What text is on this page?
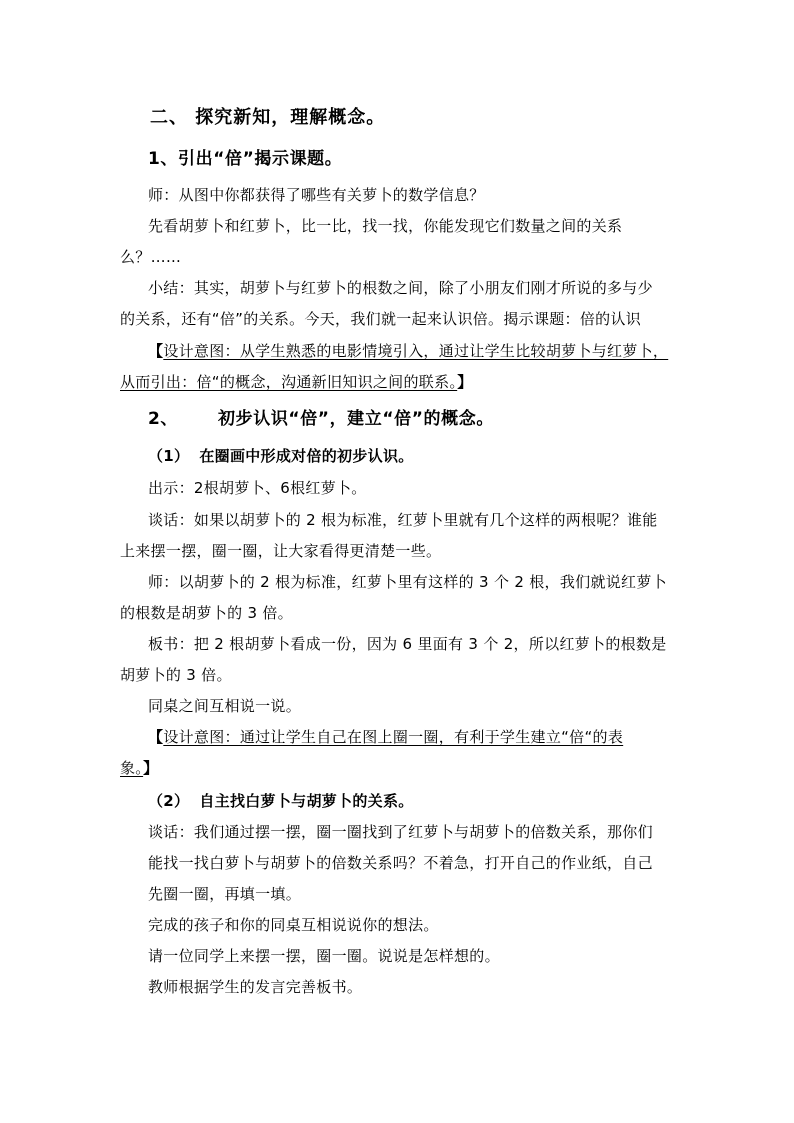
二、 探究新知，理解概念。
1、引出“倍”揭示课题。
师：从图中你都获得了哪些有关萝卜的数学信息？
先看胡萝卜和红萝卜，比一比，找一找，你能发现它们数量之间的关系
么？……
小结：其实，胡萝卜与红萝卜的根数之间，除了小朋友们刚才所说的多与少
的关系，还有“倍”的关系。今天，我们就一起来认识倍。揭示课题：倍的认识
【设计意图：从学生熟悉的电影情境引入，通过让学生比较胡萝卜与红萝卜，
从而引出：倍“的概念，沟通新旧知识之间的联系。】
2、 初步认识“倍”，建立“倍”的概念。
（1） 在圈画中形成对倍的初步认识。
出示：2根胡萝卜、6根红萝卜。
谈话：如果以胡萝卜的 2 根为标准，红萝卜里就有几个这样的两根呢？谁能
上来摆一摆，圈一圈，让大家看得更清楚一些。
师：以胡萝卜的 2 根为标准，红萝卜里有这样的 3 个 2 根，我们就说红萝卜
的根数是胡萝卜的 3 倍。
板书：把 2 根胡萝卜看成一份，因为 6 里面有 3 个 2，所以红萝卜的根数是
胡萝卜的 3 倍。
同桌之间互相说一说。
【设计意图：通过让学生自己在图上圈一圈，有利于学生建立“倍“的表
象。】
（2） 自主找白萝卜与胡萝卜的关系。
谈话：我们通过摆一摆，圈一圈找到了红萝卜与胡萝卜的倍数关系，那你们
能找一找白萝卜与胡萝卜的倍数关系吗？不着急，打开自己的作业纸，自己
先圈一圈，再填一填。
完成的孩子和你的同桌互相说说你的想法。
请一位同学上来摆一摆，圈一圈。说说是怎样想的。
教师根据学生的发言完善板书。
